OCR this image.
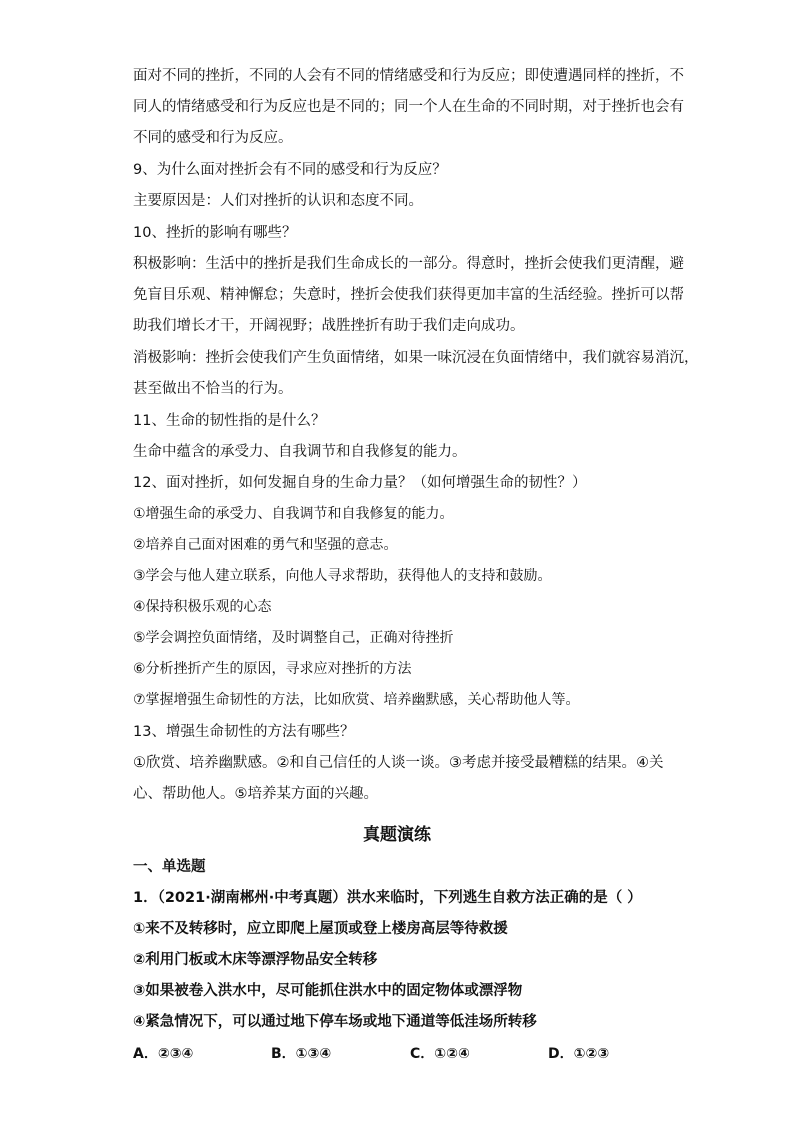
面对不同的挫折，不同的人会有不同的情绪感受和行为反应；即使遭遇同样的挫折，不
同人的情绪感受和行为反应也是不同的；同一个人在生命的不同时期，对于挫折也会有
不同的感受和行为反应。
9、为什么面对挫折会有不同的感受和行为反应？
主要原因是：人们对挫折的认识和态度不同。
10、挫折的影响有哪些？
积极影响：生活中的挫折是我们生命成长的一部分。得意时，挫折会使我们更清醒，避
免盲目乐观、精神懈怠；失意时，挫折会使我们获得更加丰富的生活经验。挫折可以帮
助我们增长才干，开阔视野；战胜挫折有助于我们走向成功。
消极影响：挫折会使我们产生负面情绪，如果一味沉浸在负面情绪中，我们就容易消沉，
甚至做出不恰当的行为。
11、生命的韧性指的是什么？
生命中蕴含的承受力、自我调节和自我修复的能力。
12、面对挫折，如何发掘自身的生命力量？（如何增强生命的韧性？）
①增强生命的承受力、自我调节和自我修复的能力。
②培养自己面对困难的勇气和坚强的意志。
③学会与他人建立联系，向他人寻求帮助，获得他人的支持和鼓励。
④保持积极乐观的心态
⑤学会调控负面情绪，及时调整自己，正确对待挫折
⑥分析挫折产生的原因，寻求应对挫折的方法
⑦掌握增强生命韧性的方法，比如欣赏、培养幽默感，关心帮助他人等。
13、增强生命韧性的方法有哪些？
①欣赏、培养幽默感。②和自己信任的人谈一谈。③考虑并接受最糟糕的结果。④关
心、帮助他人。⑤培养某方面的兴趣。
真题演练
一、单选题
1．（2021·湖南郴州·中考真题）洪水来临时，下列逃生自救方法正确的是（ ）
①来不及转移时，应立即爬上屋顶或登上楼房高层等待救援
②利用门板或木床等漂浮物品安全转移
③如果被卷入洪水中，尽可能抓住洪水中的固定物体或漂浮物
④紧急情况下，可以通过地下停车场或地下通道等低洼场所转移
A．②③④	B．①③④	C．①②④	D．①②③
